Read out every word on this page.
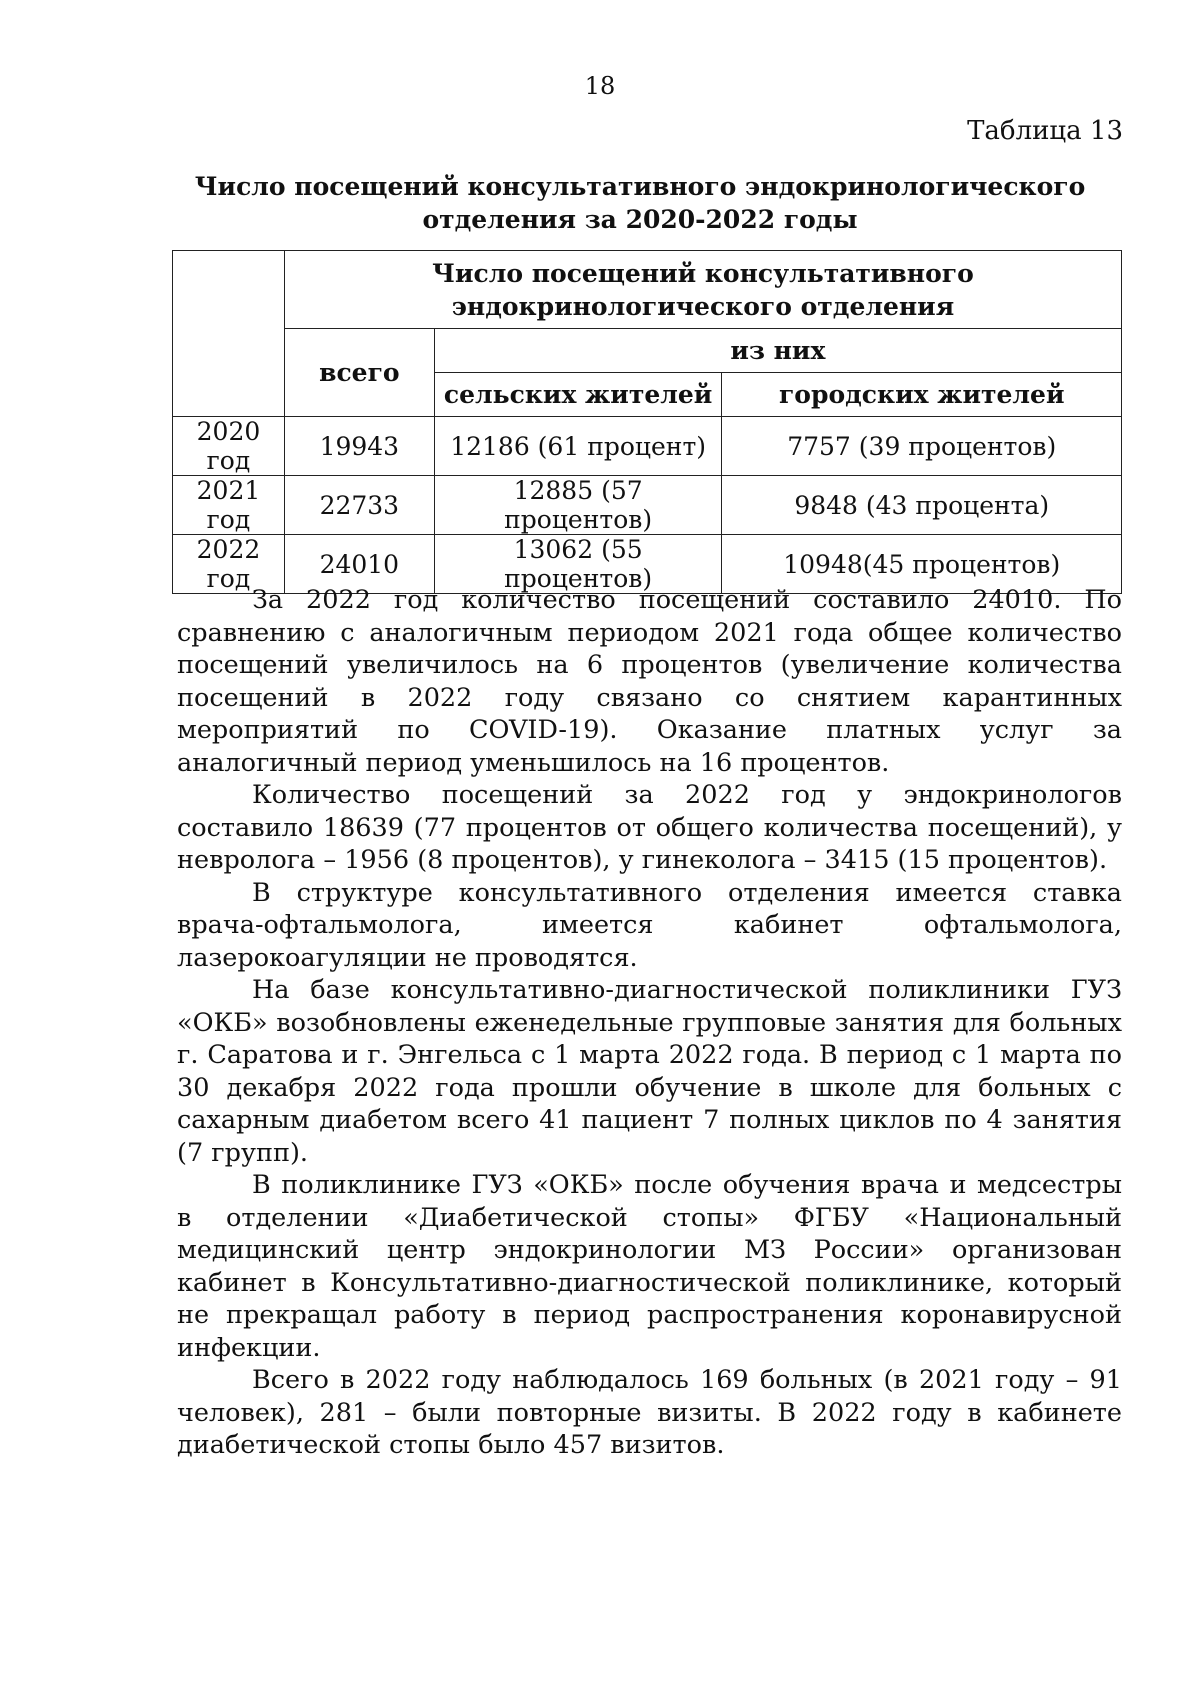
18
Таблица 13
Число посещений консультативного эндокринологического отделения за 2020-2022 годы
	Число посещений консультативного эндокринологического отделения		
	всего	из них	
		сельских жителей	городских жителей
2020 год	19943	12186 (61 процент)	7757 (39 процентов)
2021 год	22733	12885 (57 процентов)	9848 (43 процента)
2022 год	24010	13062 (55 процентов)	10948(45 процентов)

За 2022 год количество посещений составило 24010. По сравнению с аналогичным периодом 2021 года общее количество посещений увеличилось на 6 процентов (увеличение количества посещений в 2022 году связано со снятием карантинных мероприятий по COVID-19). Оказание платных услуг за аналогичный период уменьшилось на 16 процентов.

Количество посещений за 2022 год у эндокринологов составило 18639 (77 процентов от общего количества посещений), у невролога – 1956 (8 процентов), у гинеколога – 3415 (15 процентов).

В структуре консультативного отделения имеется ставка врача-офтальмолога, имеется кабинет офтальмолога, лазерокоагуляции не проводятся.

На базе консультативно-диагностической поликлиники ГУЗ «ОКБ» возобновлены еженедельные групповые занятия для больных г. Саратова и г. Энгельса с 1 марта 2022 года. В период с 1 марта по 30 декабря 2022 года прошли обучение в школе для больных с сахарным диабетом всего 41 пациент 7 полных циклов по 4 занятия (7 групп).

В поликлинике ГУЗ «ОКБ» после обучения врача и медсестры в отделении «Диабетической стопы» ФГБУ «Национальный медицинский центр эндокринологии МЗ России» организован кабинет в Консультативно-диагностической поликлинике, который не прекращал работу в период распространения коронавирусной инфекции.

Всего в 2022 году наблюдалось 169 больных (в 2021 году – 91 человек), 281 – были повторные визиты. В 2022 году в кабинете диабетической стопы было 457 визитов.
